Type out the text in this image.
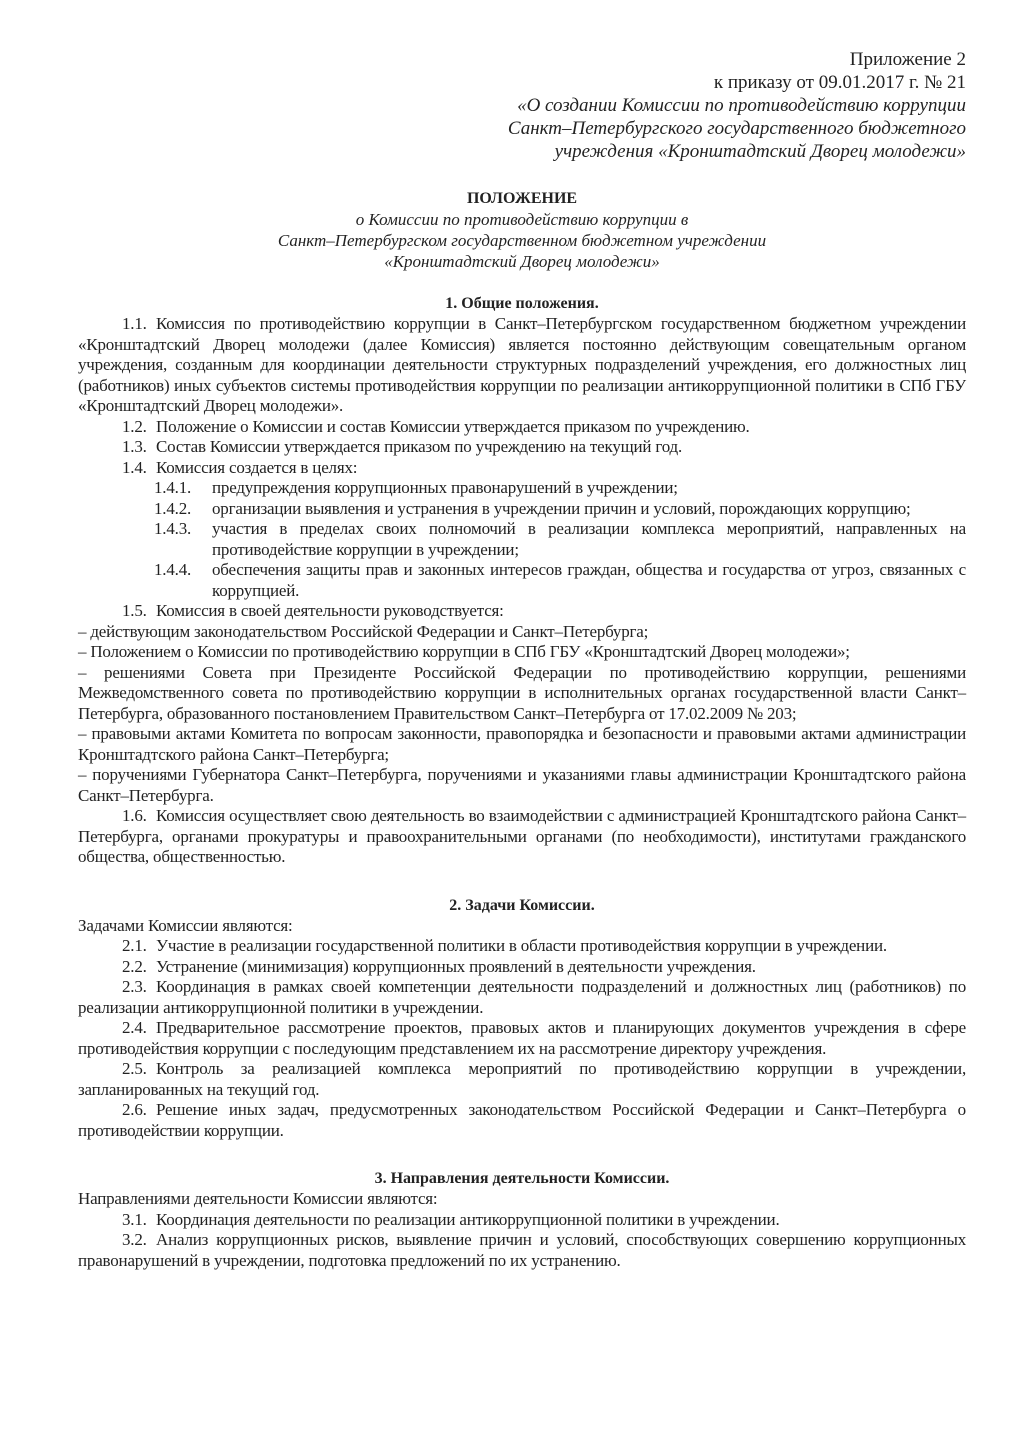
Приложение 2
к приказу от 09.01.2017 г. № 21
«О создании Комиссии по противодействию коррупции
Санкт–Петербургского государственного бюджетного
учреждения «Кронштадтский Дворец молодежи»
ПОЛОЖЕНИЕ
о Комиссии по противодействию коррупции в
Санкт–Петербургском государственном бюджетном учреждении
«Кронштадтский Дворец молодежи»
1. Общие положения.

1.1. Комиссия по противодействию коррупции в Санкт–Петербургском государственном бюджетном учреждении «Кронштадтский Дворец молодежи (далее Комиссия) является постоянно действующим совещательным органом учреждения, созданным для координации деятельности структурных подразделений учреждения, его должностных лиц (работников) иных субъектов системы противодействия коррупции по реализации антикоррупционной политики в СПб ГБУ «Кронштадтский Дворец молодежи».

1.2. Положение о Комиссии и состав Комиссии утверждается приказом по учреждению.

1.3. Состав Комиссии утверждается приказом по учреждению на текущий год.

1.4. Комиссия создается в целях:

1.4.1.	предупреждения коррупционных правонарушений в учреждении;
1.4.2.	организации выявления и устранения в учреждении причин и условий, порождающих коррупцию;
1.4.3.	участия в пределах своих полномочий в реализации комплекса мероприятий, направленных на противодействие коррупции в учреждении;
1.4.4.	обеспечения защиты прав и законных интересов граждан, общества и государства от угроз, связанных с коррупцией.

1.5. Комиссия в своей деятельности руководствуется:

– действующим законодательством Российской Федерации и Санкт–Петербурга;

– Положением о Комиссии по противодействию коррупции в СПб ГБУ «Кронштадтский Дворец молодежи»;

– решениями Совета при Президенте Российской Федерации по противодействию коррупции, решениями Межведомственного совета по противодействию коррупции в исполнительных органах государственной власти Санкт–Петербурга, образованного постановлением Правительством Санкт–Петербурга от 17.02.2009 № 203;

– правовыми актами Комитета по вопросам законности, правопорядка и безопасности и правовыми актами администрации Кронштадтского района Санкт–Петербурга;

– поручениями Губернатора Санкт–Петербурга, поручениями и указаниями главы администрации Кронштадтского района Санкт–Петербурга.

1.6. Комиссия осуществляет свою деятельность во взаимодействии с администрацией Кронштадтского района Санкт–Петербурга, органами прокуратуры и правоохранительными органами (по необходимости), институтами гражданского общества, общественностью.

2. Задачи Комиссии.

Задачами Комиссии являются:

2.1. Участие в реализации государственной политики в области противодействия коррупции в учреждении.

2.2. Устранение (минимизация) коррупционных проявлений в деятельности учреждения.

2.3. Координация в рамках своей компетенции деятельности подразделений и должностных лиц (работников) по реализации антикоррупционной политики в учреждении.

2.4. Предварительное рассмотрение проектов, правовых актов и планирующих документов учреждения в сфере противодействия коррупции с последующим представлением их на рассмотрение директору учреждения.

2.5. Контроль за реализацией комплекса мероприятий по противодействию коррупции в учреждении, запланированных на текущий год.

2.6. Решение иных задач, предусмотренных законодательством Российской Федерации и Санкт–Петербурга о противодействии коррупции.

3. Направления деятельности Комиссии.

Направлениями деятельности Комиссии являются:

3.1. Координация деятельности по реализации антикоррупционной политики в учреждении.

3.2. Анализ коррупционных рисков, выявление причин и условий, способствующих совершению коррупционных правонарушений в учреждении, подготовка предложений по их устранению.
